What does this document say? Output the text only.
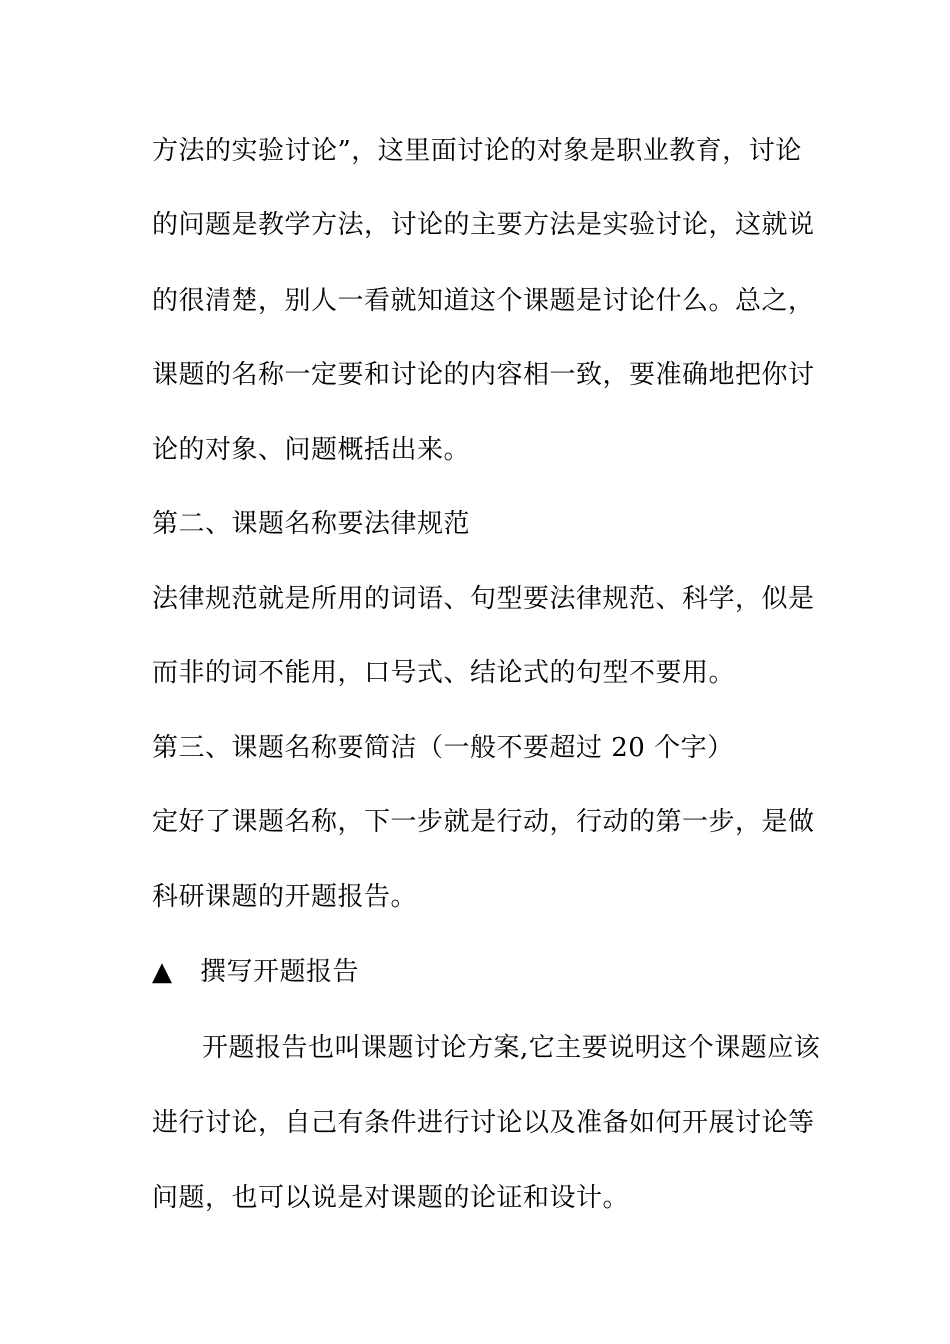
方法的实验讨论”，这里面讨论的对象是职业教育，讨论
的问题是教学方法，讨论的主要方法是实验讨论，这就说
的很清楚，别人一看就知道这个课题是讨论什么。总之，
课题的名称一定要和讨论的内容相一致，要准确地把你讨
论的对象、问题概括出来。
第二、课题名称要法律规范
法律规范就是所用的词语、句型要法律规范、科学，似是
而非的词不能用，口号式、结论式的句型不要用。
第三、课题名称要简洁（一般不要超过 20 个字）
定好了课题名称，下一步就是行动，行动的第一步，是做
科研课题的开题报告。
▲ 撰写开题报告
开题报告也叫课题讨论方案,它主要说明这个课题应该
进行讨论，自己有条件进行讨论以及准备如何开展讨论等
问题，也可以说是对课题的论证和设计。
